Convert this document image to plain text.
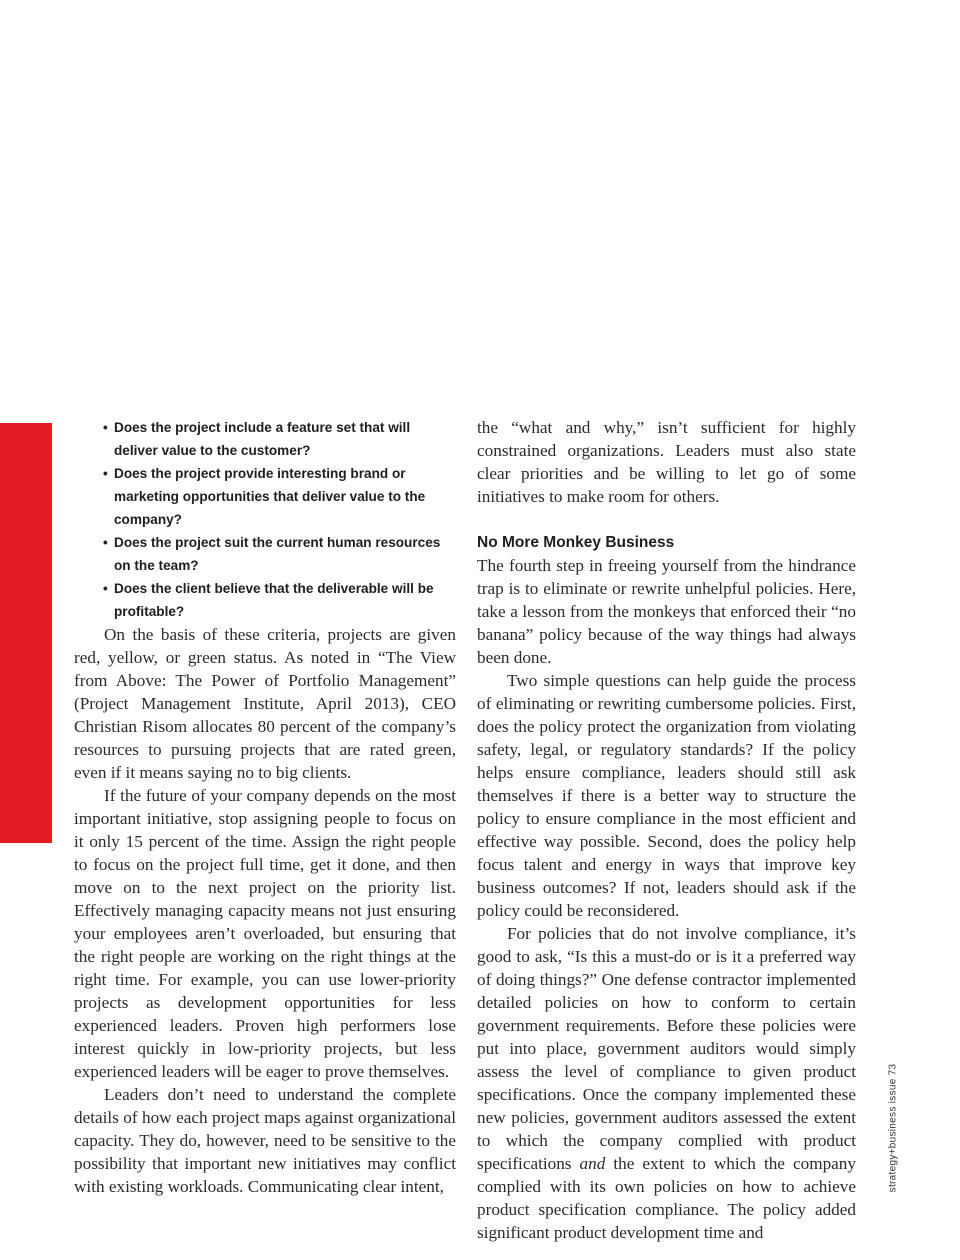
feature|organizations & people
54
strategy+business issue 73
• Does the project include a feature set that will deliver value to the customer?
• Does the project provide interesting brand or marketing opportunities that deliver value to the company?
• Does the project suit the current human resources on the team?
• Does the client believe that the deliverable will be profitable?

On the basis of these criteria, projects are given red, yellow, or green status. As noted in “The View from Above: The Power of Portfolio Management” (Project Management Institute, April 2013), CEO Christian Risom allocates 80 percent of the company’s resources to pursuing projects that are rated green, even if it means saying no to big clients.

If the future of your company depends on the most important initiative, stop assigning people to focus on it only 15 percent of the time. Assign the right people to focus on the project full time, get it done, and then move on to the next project on the priority list. Effectively managing capacity means not just ensuring your employees aren’t overloaded, but ensuring that the right people are working on the right things at the right time. For example, you can use lower-priority projects as development opportunities for less experienced leaders. Proven high performers lose interest quickly in low-priority projects, but less experienced leaders will be eager to prove themselves.

Leaders don’t need to understand the complete details of how each project maps against organizational capacity. They do, however, need to be sensitive to the possibility that important new initiatives may conflict with existing workloads. Communicating clear intent,

the “what and why,” isn’t sufficient for highly constrained organizations. Leaders must also state clear priorities and be willing to let go of some initiatives to make room for others.

No More Monkey Business

The fourth step in freeing yourself from the hindrance trap is to eliminate or rewrite unhelpful policies. Here, take a lesson from the monkeys that enforced their “no banana” policy because of the way things had always been done.

Two simple questions can help guide the process of eliminating or rewriting cumbersome policies. First, does the policy protect the organization from violating safety, legal, or regulatory standards? If the policy helps ensure compliance, leaders should still ask themselves if there is a better way to structure the policy to ensure compliance in the most efficient and effective way possible. Second, does the policy help focus talent and energy in ways that improve key business outcomes? If not, leaders should ask if the policy could be reconsidered.

For policies that do not involve compliance, it’s good to ask, “Is this a must-do or is it a preferred way of doing things?” One defense contractor implemented detailed policies on how to conform to certain government requirements. Before these policies were put into place, government auditors would simply assess the level of compliance to given product specifications. Once the company implemented these new policies, government auditors assessed the extent to which the company complied with product specifications and the extent to which the company complied with its own policies on how to achieve product specification compliance. The policy added significant product development time and
